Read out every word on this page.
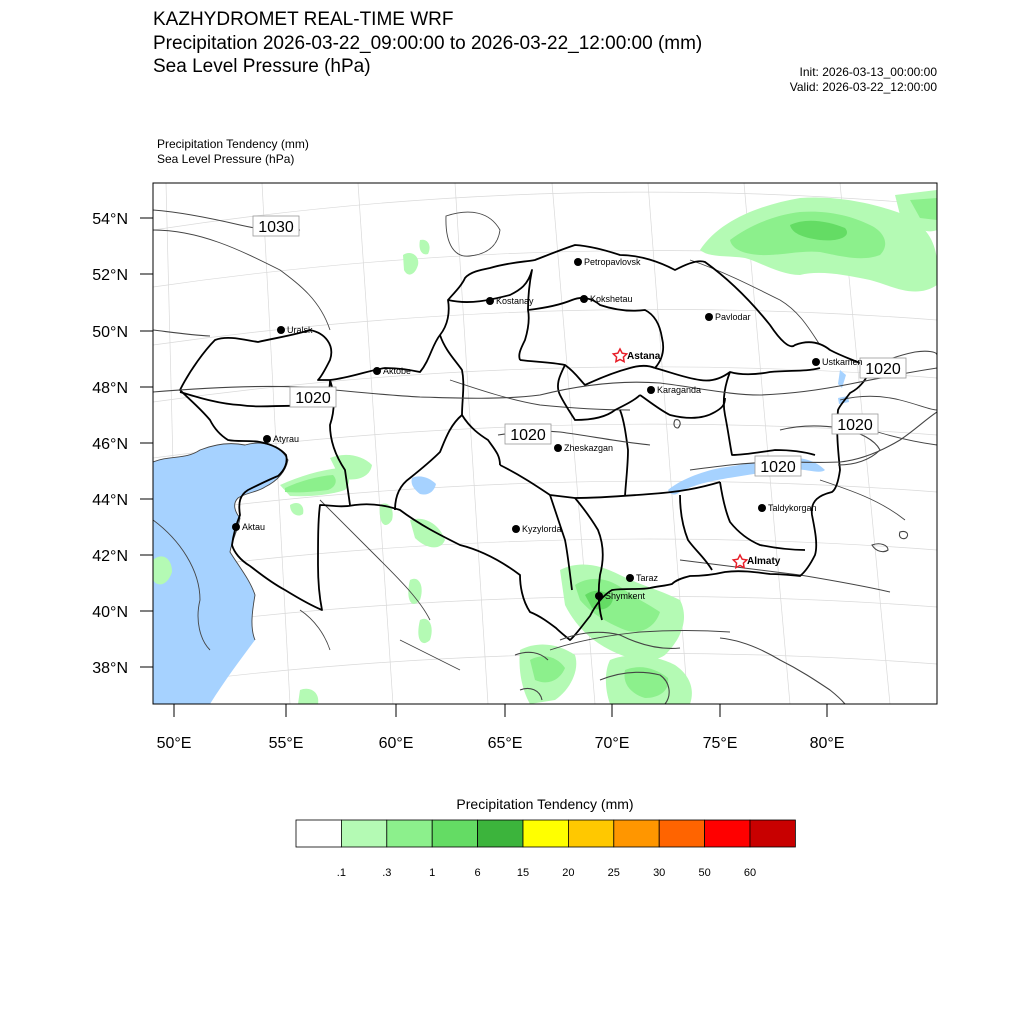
1030
1020
1020
1020
1020
1020
Petropavlovsk
Kostanay	Kokshetau
Uralsk
Pavlodar
Astana	Ustkamen
Aktobe
Karaganda
Atyrau
Zheskazgan
Aktau	Kyzylorda
Taldykorgan
Almaty
Taraz
Shymkent
54°N
52°N
50°N
48°N
46°N
44°N
42°N
40°N
38°N
50°E	55°E	60°E	65°E	70°E	75°E	80°E
KAZHYDROMET REAL-TIME WRF
Precipitation 2026-03-22_09:00:00 to 2026-03-22_12:00:00 (mm)
Sea Level Pressure (hPa)	Init: 2026-03-13_00:00:00
Valid: 2026-03-22_12:00:00
Precipitation Tendency (mm)
Sea Level Pressure (hPa)
Precipitation Tendency (mm)
.1	.3	1	6	15	20	25	30	50	60
